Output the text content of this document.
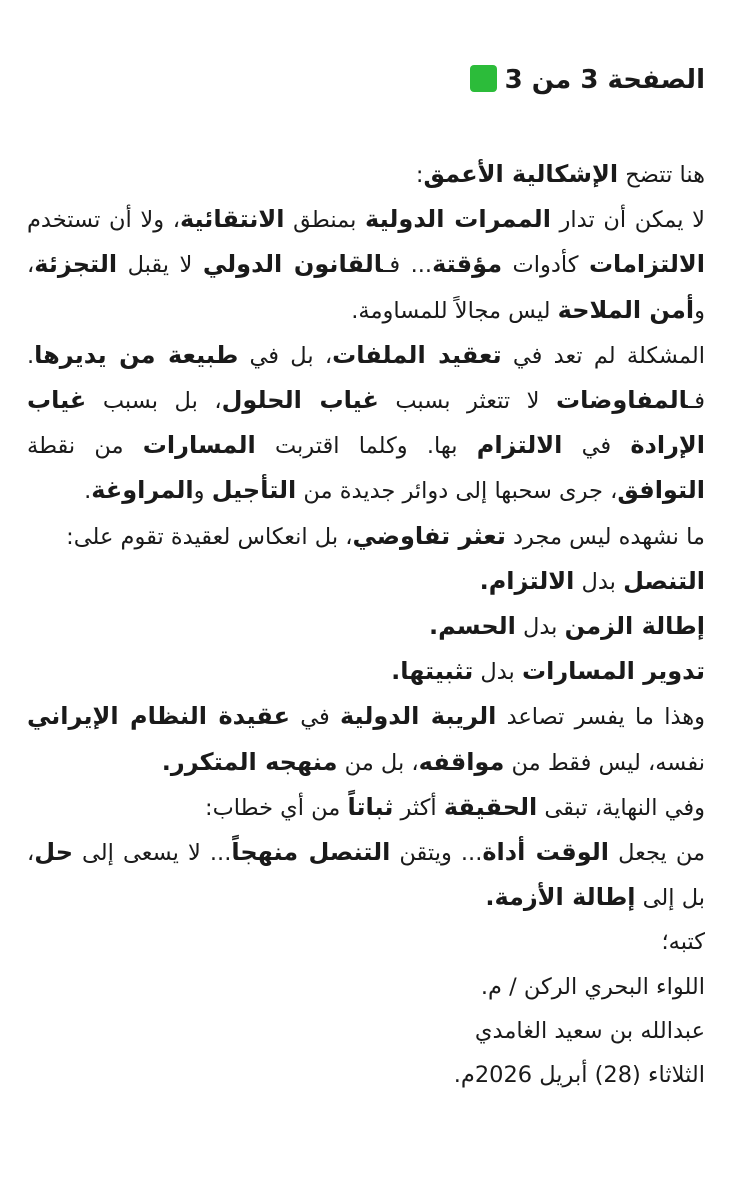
الصفحة 3 من 3

هنا تتضح الإشكالية الأعمق:

لا يمكن أن تدار الممرات الدولية بمنطق الانتقائية، ولا أن تستخدم الالتزامات كأدوات مؤقتة... فـالقانون الدولي لا يقبل التجزئة، وأمن الملاحة ليس مجالاً للمساومة.

المشكلة لم تعد في تعقيد الملفات، بل في طبيعة من يديرها. فـالمفاوضات لا تتعثر بسبب غياب الحلول، بل بسبب غياب الإرادة في الالتزام بها. وكلما اقتربت المسارات من نقطة التوافق، جرى سحبها إلى دوائر جديدة من التأجيل والمراوغة.

ما نشهده ليس مجرد تعثر تفاوضي، بل انعكاس لعقيدة تقوم على:

التنصل بدل الالتزام.

إطالة الزمن بدل الحسم.

تدوير المسارات بدل تثبيتها.

وهذا ما يفسر تصاعد الريبة الدولية في عقيدة النظام الإيراني نفسه، ليس فقط من مواقفه، بل من منهجه المتكرر.

وفي النهاية، تبقى الحقيقة أكثر ثباتاً من أي خطاب:

من يجعل الوقت أداة... ويتقن التنصل منهجاً... لا يسعى إلى حل، بل إلى إطالة الأزمة.

كتبه؛

اللواء البحري الركن / م.

عبدالله بن سعيد الغامدي

الثلاثاء (28) أبريل 2026م.
